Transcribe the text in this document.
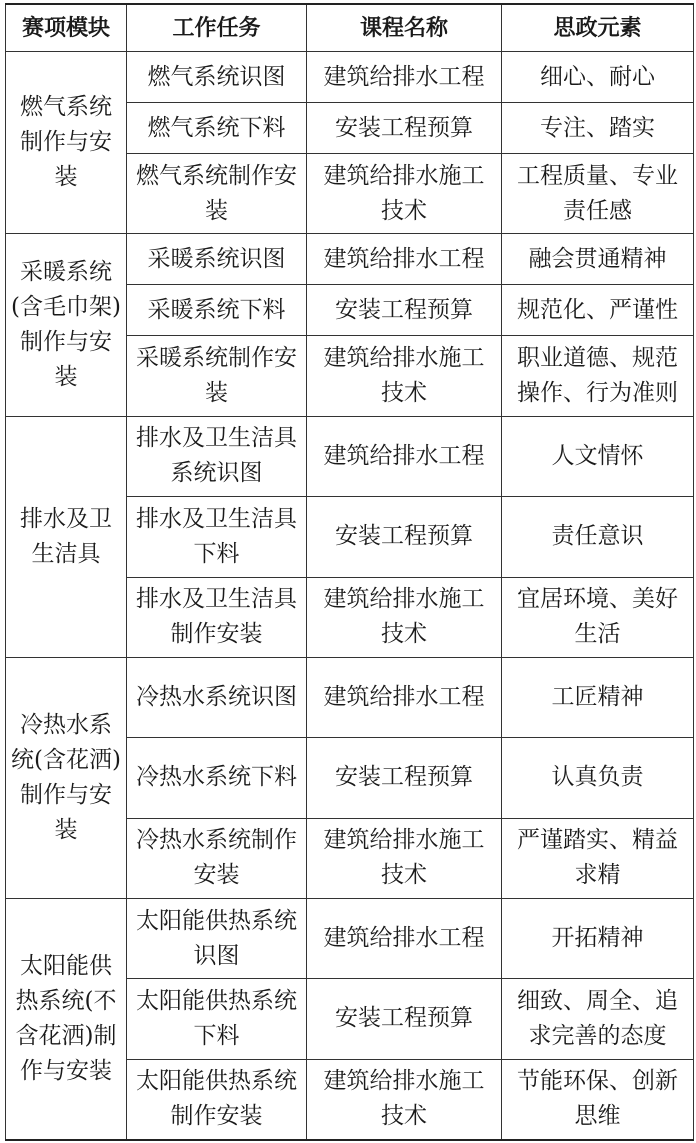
赛项模块	工作任务	课程名称	思政元素
燃气系统制作与安装	燃气系统识图	建筑给排水工程	细心、耐心
	燃气系统下料	安装工程预算	专注、踏实
	燃气系统制作安装	建筑给排水施工技术	工程质量、专业责任感
采暖系统(含毛巾架)制作与安装	采暖系统识图	建筑给排水工程	融会贯通精神
	采暖系统下料	安装工程预算	规范化、严谨性
	采暖系统制作安装	建筑给排水施工技术	职业道德、规范操作、行为准则
排水及卫生洁具	排水及卫生洁具系统识图	建筑给排水工程	人文情怀
	排水及卫生洁具下料	安装工程预算	责任意识
	排水及卫生洁具制作安装	建筑给排水施工技术	宜居环境、美好生活
冷热水系统(含花洒)制作与安装	冷热水系统识图	建筑给排水工程	工匠精神
	冷热水系统下料	安装工程预算	认真负责
	冷热水系统制作安装	建筑给排水施工技术	严谨踏实、精益求精
太阳能供热系统(不含花洒)制作与安装	太阳能供热系统识图	建筑给排水工程	开拓精神
	太阳能供热系统下料	安装工程预算	细致、周全、追求完善的态度
	太阳能供热系统制作安装	建筑给排水施工技术	节能环保、创新思维
